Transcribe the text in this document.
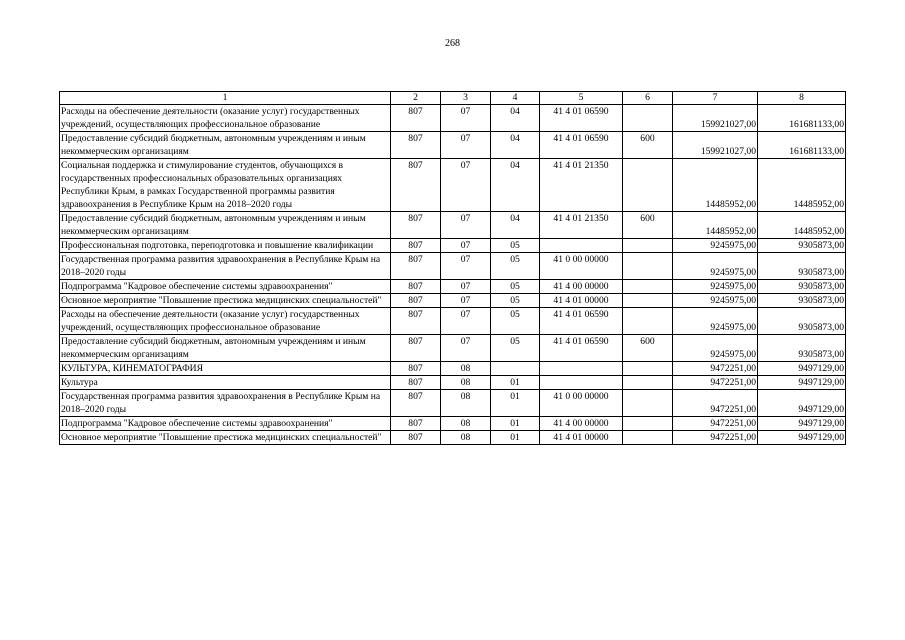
268
1	2	3	4	5	6	7	8
Расходы на обеспечение деятельности (оказание услуг) государственных учреждений, осуществляющих профессиональное образование	807	07	04	41 4 01 06590		159921027,00	161681133,00
Предоставление субсидий бюджетным, автономным учреждениям и иным некоммерческим организациям	807	07	04	41 4 01 06590	600	159921027,00	161681133,00
Социальная поддержка и стимулирование студентов, обучающихся в государственных профессиональных образовательных организациях Республики Крым, в рамках Государственной программы развития здравоохранения в Республике Крым на 2018–2020 годы	807	07	04	41 4 01 21350		14485952,00	14485952,00
Предоставление субсидий бюджетным, автономным учреждениям и иным некоммерческим организациям	807	07	04	41 4 01 21350	600	14485952,00	14485952,00
Профессиональная подготовка, переподготовка и повышение квалификации	807	07	05			9245975,00	9305873,00
Государственная программа развития здравоохранения в Республике Крым на 2018–2020 годы	807	07	05	41 0 00 00000		9245975,00	9305873,00
Подпрограмма "Кадровое обеспечение системы здравоохранения"	807	07	05	41 4 00 00000		9245975,00	9305873,00
Основное мероприятие "Повышение престижа медицинских специальностей"	807	07	05	41 4 01 00000		9245975,00	9305873,00
Расходы на обеспечение деятельности (оказание услуг) государственных учреждений, осуществляющих профессиональное образование	807	07	05	41 4 01 06590		9245975,00	9305873,00
Предоставление субсидий бюджетным, автономным учреждениям и иным некоммерческим организациям	807	07	05	41 4 01 06590	600	9245975,00	9305873,00
КУЛЬТУРА, КИНЕМАТОГРАФИЯ	807	08				9472251,00	9497129,00
Культура	807	08	01			9472251,00	9497129,00
Государственная программа развития здравоохранения в Республике Крым на 2018–2020 годы	807	08	01	41 0 00 00000		9472251,00	9497129,00
Подпрограмма "Кадровое обеспечение системы здравоохранения"	807	08	01	41 4 00 00000		9472251,00	9497129,00
Основное мероприятие "Повышение престижа медицинских специальностей"	807	08	01	41 4 01 00000		9472251,00	9497129,00
